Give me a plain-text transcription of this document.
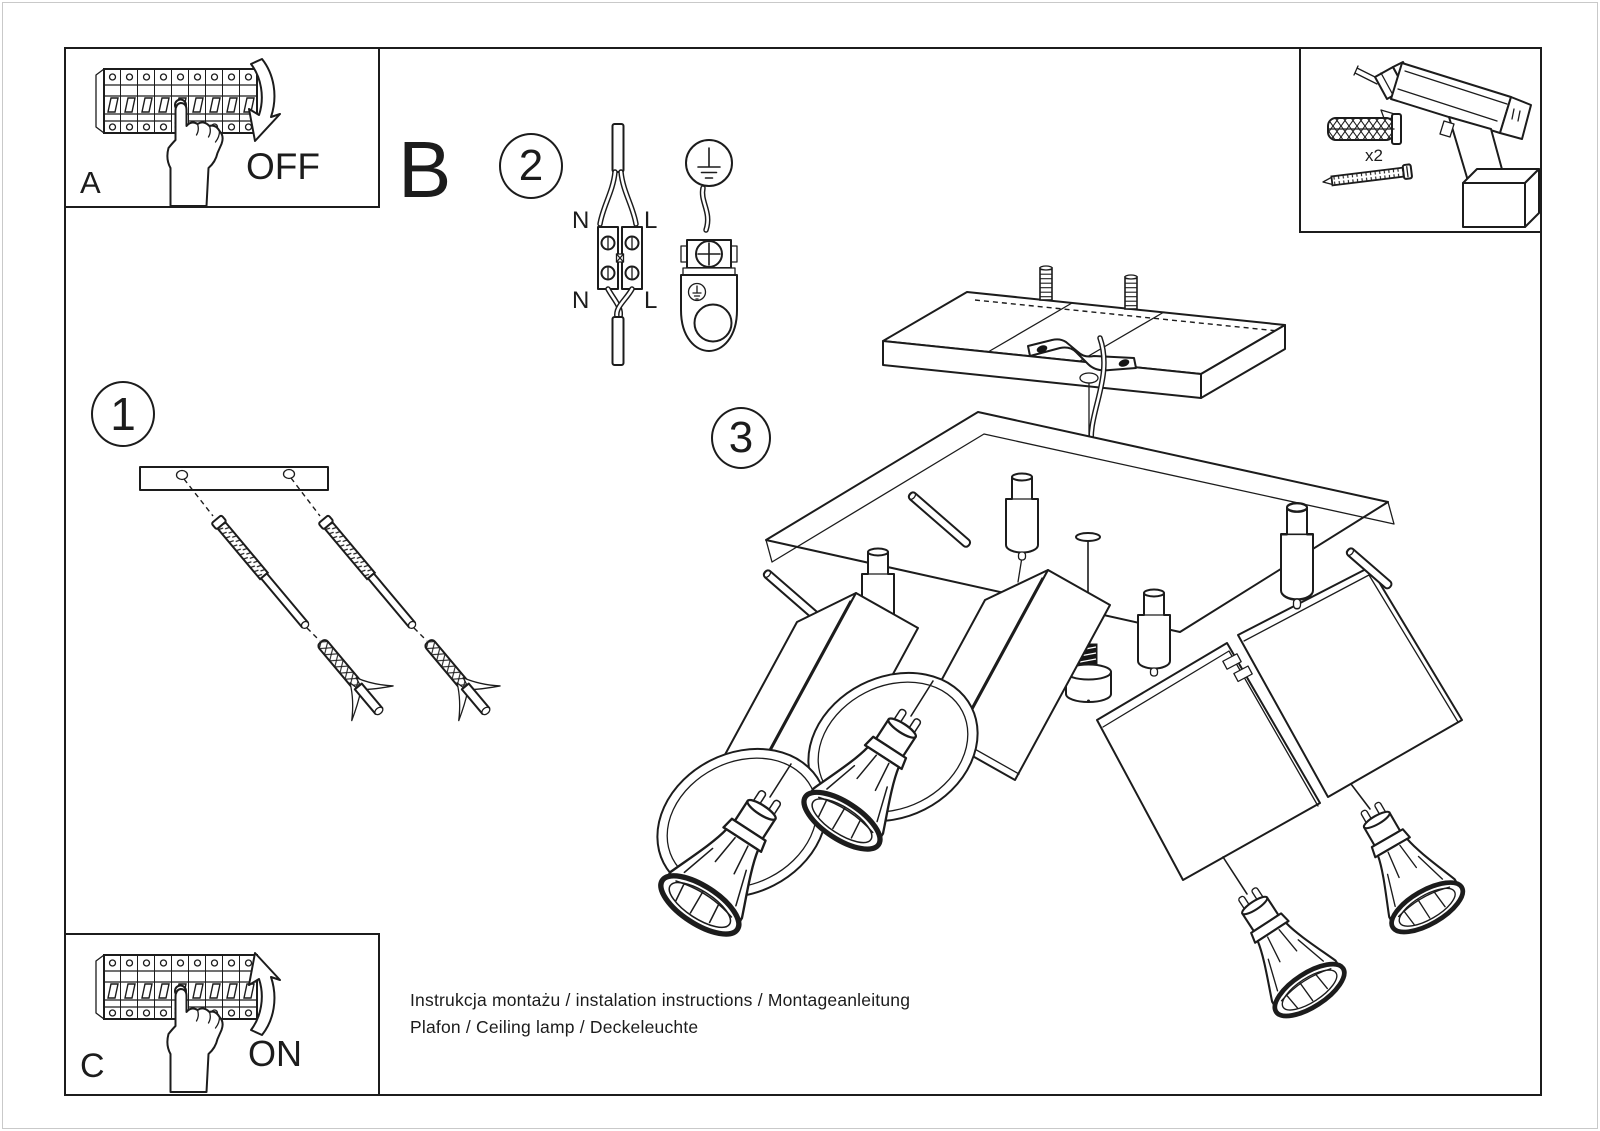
A	OFF
C	ON
x2
B	2
N L
N L
1	3
Instrukcja montażu / instalation instructions / Montageanleitung
Plafon / Ceiling lamp / Deckeleuchte
